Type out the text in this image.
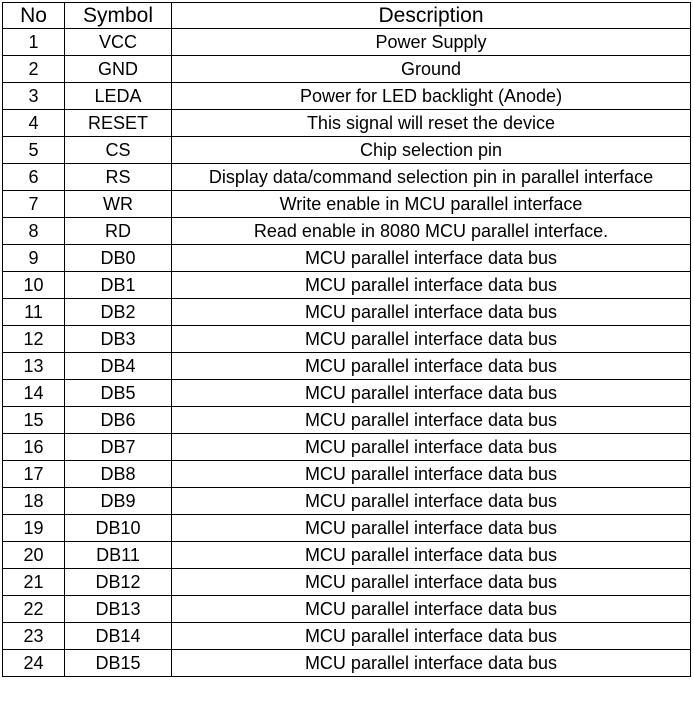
No	Symbol	Description
1	VCC	Power Supply
2	GND	Ground
3	LEDA	Power for LED backlight (Anode)
4	RESET	This signal will reset the device
5	CS	Chip selection pin
6	RS	Display data/command selection pin in parallel interface
7	WR	Write enable in MCU parallel interface
8	RD	Read enable in 8080 MCU parallel interface.
9	DB0	MCU parallel interface data bus
10	DB1	MCU parallel interface data bus
11	DB2	MCU parallel interface data bus
12	DB3	MCU parallel interface data bus
13	DB4	MCU parallel interface data bus
14	DB5	MCU parallel interface data bus
15	DB6	MCU parallel interface data bus
16	DB7	MCU parallel interface data bus
17	DB8	MCU parallel interface data bus
18	DB9	MCU parallel interface data bus
19	DB10	MCU parallel interface data bus
20	DB11	MCU parallel interface data bus
21	DB12	MCU parallel interface data bus
22	DB13	MCU parallel interface data bus
23	DB14	MCU parallel interface data bus
24	DB15	MCU parallel interface data bus
